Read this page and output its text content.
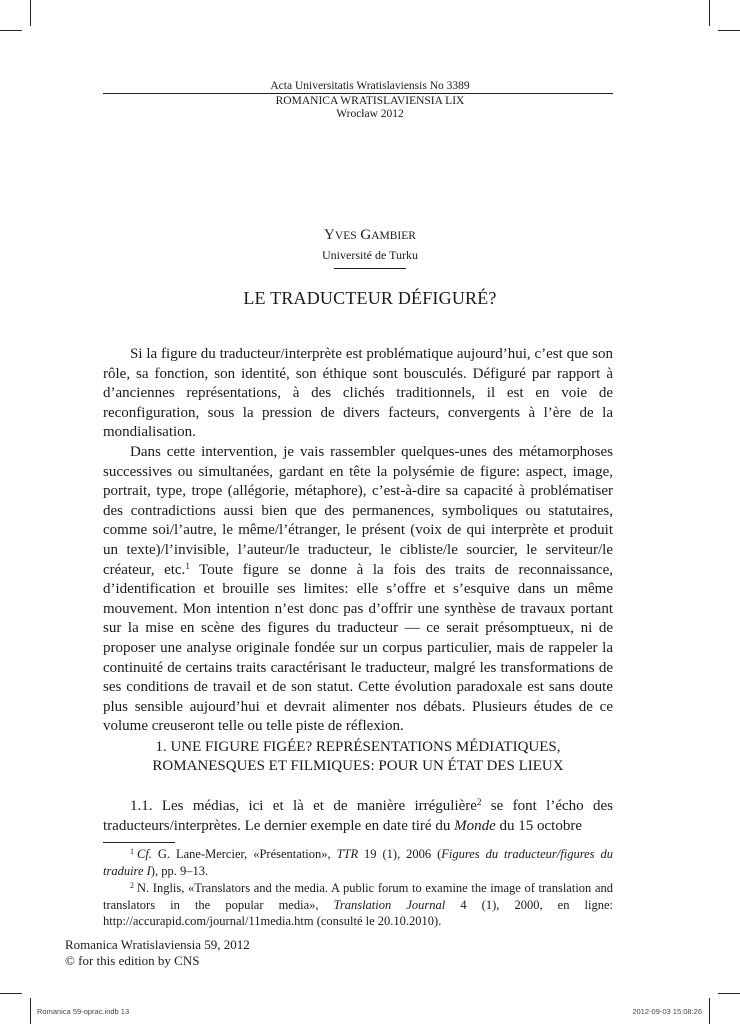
Acta Universitatis Wratislaviensis No 3389
ROMANICA WRATISLAVIENSIA LIX
Wrocław 2012
YVES GAMBIER
Université de Turku
LE TRADUCTEUR DÉFIGURÉ?

Si la figure du traducteur/interprète est problématique aujourd’hui, c’est que son rôle, sa fonction, son identité, son éthique sont bousculés. Défiguré par rapport à d’anciennes représentations, à des clichés traditionnels, il est en voie de reconfiguration, sous la pression de divers facteurs, convergents à l’ère de la mondialisation.

Dans cette intervention, je vais rassembler quelques-unes des métamorphoses successives ou simultanées, gardant en tête la polysémie de figure: aspect, image, portrait, type, trope (allégorie, métaphore), c’est-à-dire sa capacité à problématiser des contradictions aussi bien que des permanences, symboliques ou statutaires, comme soi/l’autre, le même/l’étranger, le présent (voix de qui interprète et produit un texte)/l’invisible, l’auteur/le traducteur, le cibliste/le sourcier, le serviteur/le créateur, etc.$^1$ Toute figure se donne à la fois des traits de reconnaissance, d’identification et brouille ses limites: elle s’offre et s’esquive dans un même mouvement. Mon intention n’est donc pas d’offrir une synthèse de travaux portant sur la mise en scène des figures du traducteur — ce serait présomptueux, ni de proposer une analyse originale fondée sur un corpus particulier, mais de rappeler la continuité de certains traits caractérisant le traducteur, malgré les transformations de ses conditions de travail et de son statut. Cette évolution paradoxale est sans doute plus sensible aujourd’hui et devrait alimenter nos débats. Plusieurs études de ce volume creuseront telle ou telle piste de réflexion.

1. UNE FIGURE FIGÉE? REPRÉSENTATIONS MÉDIATIQUES,
ROMANESQUES ET FILMIQUES: POUR UN ÉTAT DES LIEUX

1.1. Les médias, ici et là et de manière irrégulière$^2$ se font l’écho des traducteurs/interprètes. Le dernier exemple en date tiré du Monde du 15 octobre

$^1$ Cf. G. Lane-Mercier, «Présentation», TTR 19 (1), 2006 (Figures du traducteur/figures du traduire I), pp. 9–13.

$^2$ N. Inglis, «Translators and the media. A public forum to examine the image of translation and translators in the popular media», Translation Journal 4 (1), 2000, en ligne: http://accurapid.com/journal/11media.htm (consulté le 20.10.2010).

Romanica Wratislaviensia 59, 2012
© for this edition by CNS
Romanica 59-oprac.indb 13	2012-09-03 15:08:26
